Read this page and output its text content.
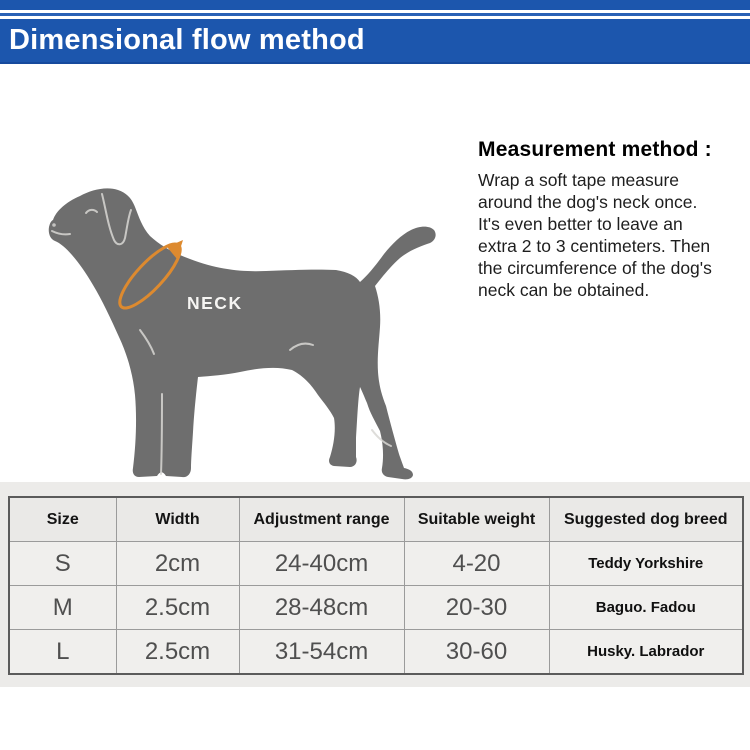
Dimensional flow method
NECK
Measurement method :
Wrap a soft tape measure
around the dog's neck once.
It's even better to leave an
extra 2 to 3 centimeters. Then
the circumference of the dog's
neck can be obtained.
Size	Width	Adjustment range	Suitable weight	Suggested dog breed
S	2cm	24-40cm	4-20	Teddy Yorkshire
M	2.5cm	28-48cm	20-30	Baguo. Fadou
L	2.5cm	31-54cm	30-60	Husky. Labrador
